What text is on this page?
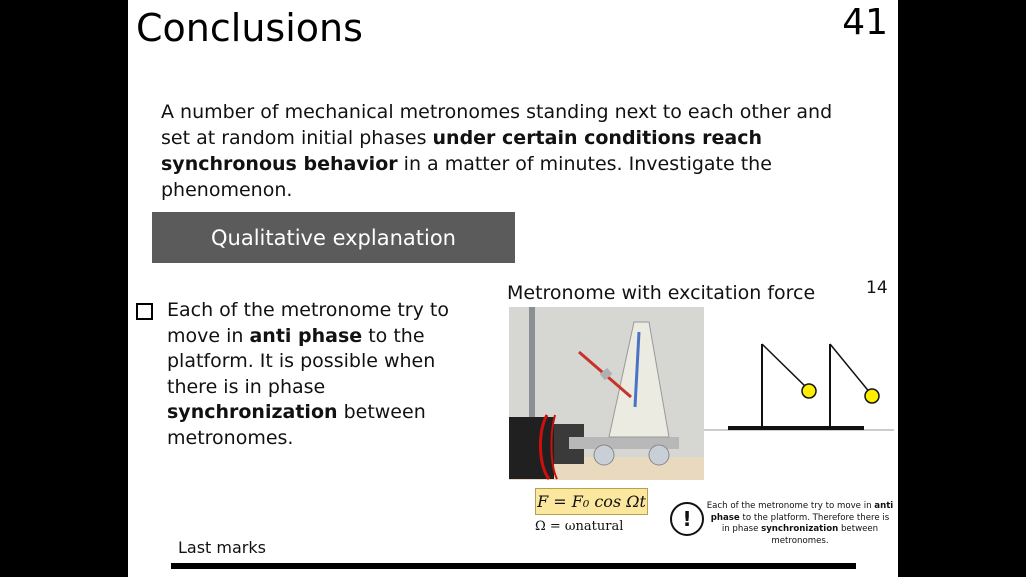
Conclusions	41
A number of mechanical metronomes standing next to each other and set at random initial phases under certain conditions reach synchronous behavior in a matter of minutes. Investigate the phenomenon.
Qualitative explanation
Each of the metronome try to move in anti phase to the platform. It is possible when there is in phase synchronization between metronomes.
Metronome with excitation force	14
F = F₀ cos Ωt
Ω = ωnatural	!
Each of the metronome try to move in anti phase to the platform. Therefore there is in phase synchronization between metronomes.
Last marks
